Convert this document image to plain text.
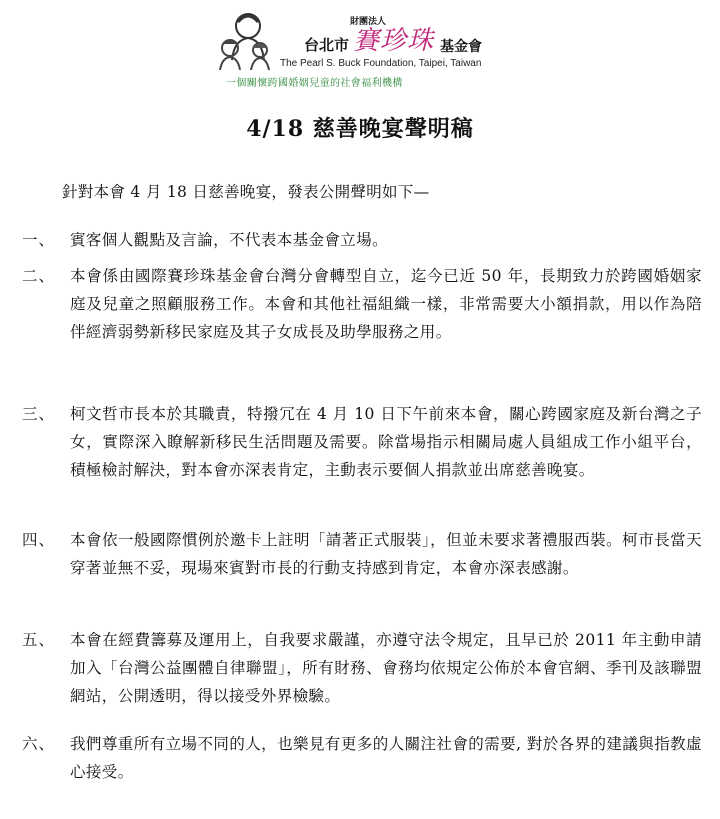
財團法人
台北市 賽珍珠 基金會
The Pearl S. Buck Foundation, Taipei, Taiwan
一個關懷跨國婚姻兒童的社會福利機構
4/18 慈善晚宴聲明稿
針對本會 4 月 18 日慈善晚宴，發表公開聲明如下—
一、 賓客個人觀點及言論，不代表本基金會立場。
二、 本會係由國際賽珍珠基金會台灣分會轉型自立，迄今已近 50 年，長期致力於跨國婚姻家庭及兒童之照顧服務工作。本會和其他社福組織一樣，非常需要大小額捐款，用以作為陪伴經濟弱勢新移民家庭及其子女成長及助學服務之用。
三、 柯文哲市長本於其職責，特撥冗在 4 月 10 日下午前來本會，關心跨國家庭及新台灣之子女，實際深入瞭解新移民生活問題及需要。除當場指示相關局處人員組成工作小組平台，積極檢討解決，對本會亦深表肯定，主動表示要個人捐款並出席慈善晚宴。
四、 本會依一般國際慣例於邀卡上註明「請著正式服裝」，但並未要求著禮服西裝。柯市長當天穿著並無不妥，現場來賓對市長的行動支持感到肯定，本會亦深表感謝。
五、 本會在經費籌募及運用上，自我要求嚴謹，亦遵守法令規定，且早已於 2011 年主動申請加入「台灣公益團體自律聯盟」，所有財務、會務均依規定公佈於本會官網、季刊及該聯盟網站，公開透明，得以接受外界檢驗。
六、 我們尊重所有立場不同的人，也樂見有更多的人關注社會的需要, 對於各界的建議與指教虛心接受。
